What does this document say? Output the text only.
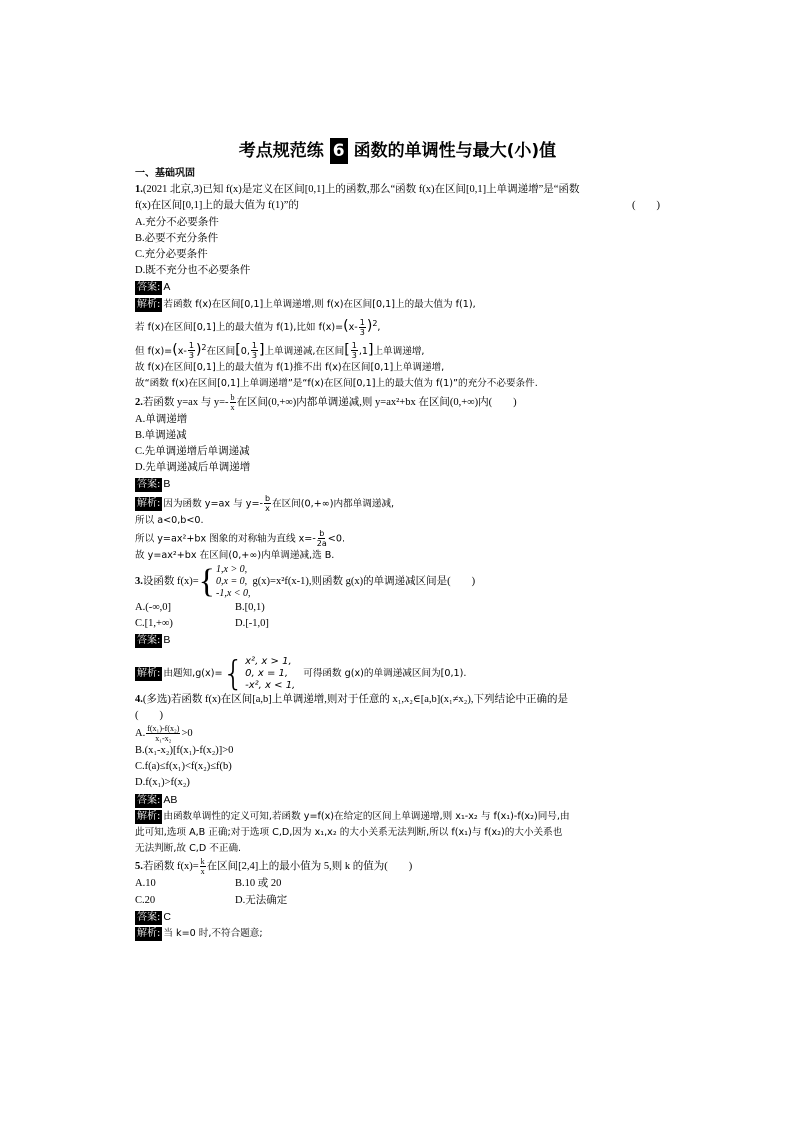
考点规范练 6 函数的单调性与最大(小)值
一、基础巩固
1.(2021 北京,3)已知 f(x)是定义在区间[0,1]上的函数,那么“函数 f(x)在区间[0,1]上单调递增”是“函数
f(x)在区间[0,1]上的最大值为 f(1)”的	(　　)
A.充分不必要条件
B.必要不充分条件
C.充分必要条件
D.既不充分也不必要条件
答案: A
解析: 若函数 f(x)在区间[0,1]上单调递增,则 f(x)在区间[0,1]上的最大值为 f(1),
若 f(x)在区间[0,1]上的最大值为 f(1),比如 $f(x)=(x- \frac{1}{3} )^2$,
但 $f(x)=(x- \frac{1}{3} )^2$在区间[0, $\frac{1}{3}$ ]上单调递减,在区间[ $\frac{1}{3} ,1$]上单调递增,
故 f(x)在区间[0,1]上的最大值为 f(1)推不出 f(x)在区间[0,1]上单调递增,
故“函数 f(x)在区间[0,1]上单调递增”是“f(x)在区间[0,1]上的最大值为 f(1)”的充分不必要条件.
2.若函数 y=ax 与 $y=- \frac{b}{x}$ 在区间(0,+∞)内都单调递减,则 y=ax²+bx 在区间(0,+∞)内(　　)
A.单调递增
B.单调递减
C.先单调递增后单调递减
D.先单调递减后单调递增
答案: B
解析: 因为函数 y=ax 与 $y=- \frac{b}{x}$ 在区间(0,+∞)内都单调递减,
所以 a<0,b<0.
所以 y=ax²+bx 图象的对称轴为直线 $x=- \frac{b}{2a} <0$.
故 y=ax²+bx 在区间(0,+∞)内单调递减,选 B.
3. 设函数 f(x)= { 1,x > 0,
0,x = 0,
-1,x < 0,
g(x)=x²f(x-1),则函数 g(x)的单调递减区间是(　　)
A.(-∞,0]	B.[0,1)
C.[1,+∞)	D.[-1,0]
答案: B
解析: 由题知,g(x)= { x², x > 1,
0, x = 1,
-x², x < 1,
可得函数 g(x)的单调递减区间为[0,1).
4.(多选)若函数 f(x)在区间[a,b]上单调递增,则对于任意的 x₁,x₂∈[a,b](x₁≠x₂),下列结论中正确的是
(　　)
A. $\frac{\text{f(x₁)-f(x₂)}}{\text{x₁-x₂}} >0$
B.(x₁-x₂)[f(x₁)-f(x₂)]>0
C.f(a)≤f(x₁)<f(x₂)≤f(b)
D.f(x₁)>f(x₂)
答案: AB
解析: 由函数单调性的定义可知,若函数 y=f(x)在给定的区间上单调递增,则 x₁-x₂ 与 f(x₁)-f(x₂)同号,由
此可知,选项 A,B 正确;对于选项 C,D,因为 x₁,x₂ 的大小关系无法判断,所以 f(x₁)与 f(x₂)的大小关系也
无法判断,故 C,D 不正确.
5.若函数 $f(x)= \frac{k}{x}$ 在区间[2,4]上的最小值为 5,则 k 的值为(　　)
A.10	B.10 或 20
C.20	D.无法确定
答案: C
解析: 当 k=0 时,不符合题意;
